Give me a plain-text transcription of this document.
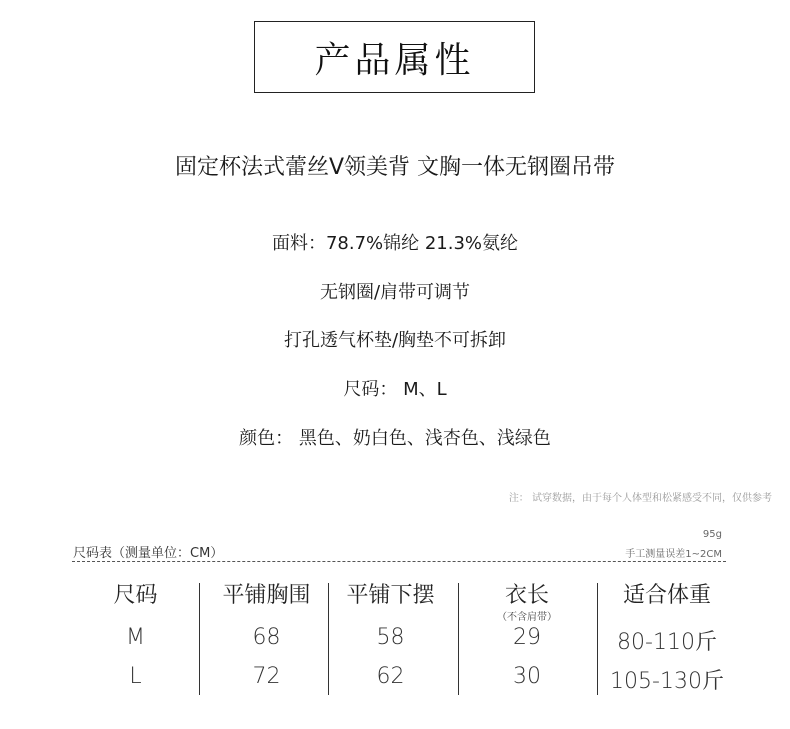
产品属性
固定杯法式蕾丝V领美背 文胸一体无钢圈吊带
面料：78.7%锦纶 21.3%氨纶
无钢圈/肩带可调节
打孔透气杯垫/胸垫不可拆卸
尺码： M、L
颜色： 黑色、奶白色、浅杏色、浅绿色
注： 试穿数据，由于每个人体型和松紧感受不同，仅供参考
尺码表（测量单位：CM）
95g
手工测量误差1~2CM
尺码	平铺胸围	平铺下摆	衣长	适合体重
（不含肩带）
M	68	58	29	80-110斤
L	72	62	30	105-130斤
